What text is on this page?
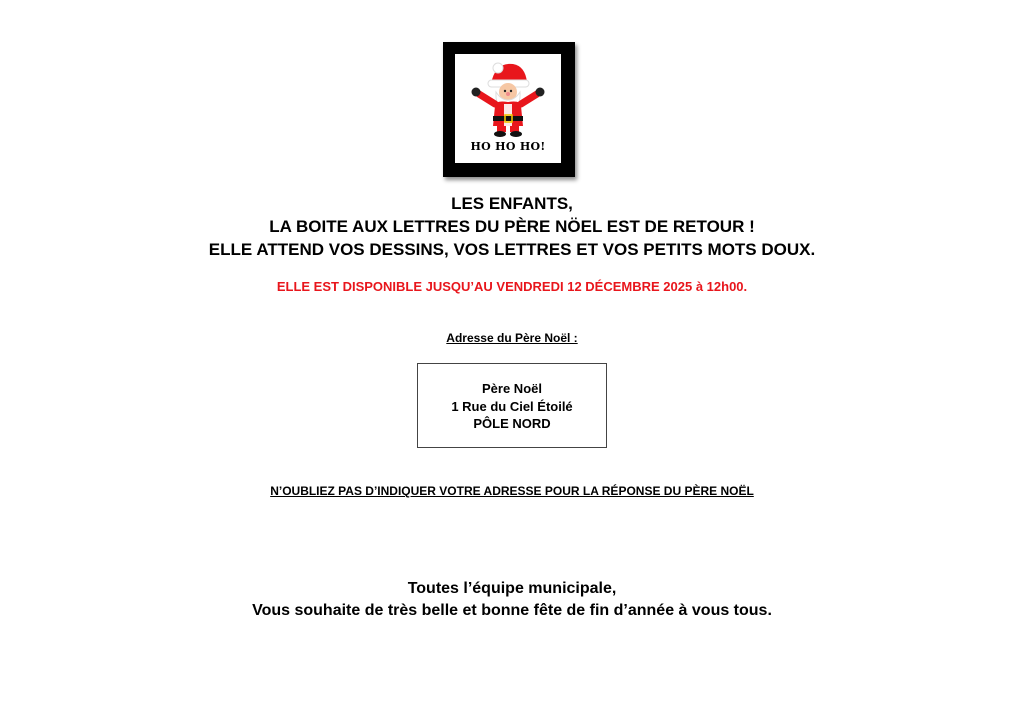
HO HO HO!
LES ENFANTS,
LA BOITE AUX LETTRES DU PÈRE NÖEL EST DE RETOUR !
ELLE ATTEND VOS DESSINS, VOS LETTRES ET VOS PETITS MOTS DOUX.
ELLE EST DISPONIBLE JUSQU’AU VENDREDI 12 DÉCEMBRE 2025 à 12h00.
Adresse du Père Noël :
Père Noël
1 Rue du Ciel Étoilé
PÔLE NORD
N’OUBLIEZ PAS D’INDIQUER VOTRE ADRESSE POUR LA RÉPONSE DU PÈRE NOËL
Toutes l’équipe municipale,
Vous souhaite de très belle et bonne fête de fin d’année à vous tous.
